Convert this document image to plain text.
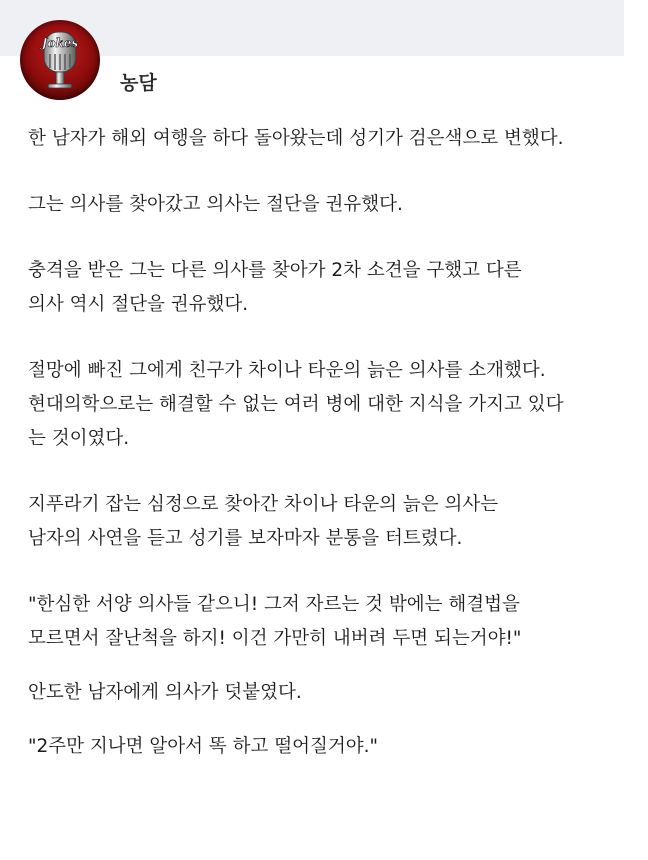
Jokes
농담

한 남자가 해외 여행을 하다 돌아왔는데 성기가 검은색으로 변했다.

그는 의사를 찾아갔고 의사는 절단을 권유했다.

충격을 받은 그는 다른 의사를 찾아가 2차 소견을 구했고 다른
의사 역시 절단을 권유했다.

절망에 빠진 그에게 친구가 차이나 타운의 늙은 의사를 소개했다.
현대의학으로는 해결할 수 없는 여러 병에 대한 지식을 가지고 있다
는 것이였다.

지푸라기 잡는 심정으로 찾아간 차이나 타운의 늙은 의사는
남자의 사연을 듣고 성기를 보자마자 분통을 터트렸다.

"한심한 서양 의사들 같으니! 그저 자르는 것 밖에는 해결법을
모르면서 잘난척을 하지! 이건 가만히 내버려 두면 되는거야!"

안도한 남자에게 의사가 덧붙였다.

"2주만 지나면 알아서 똑 하고 떨어질거야."
